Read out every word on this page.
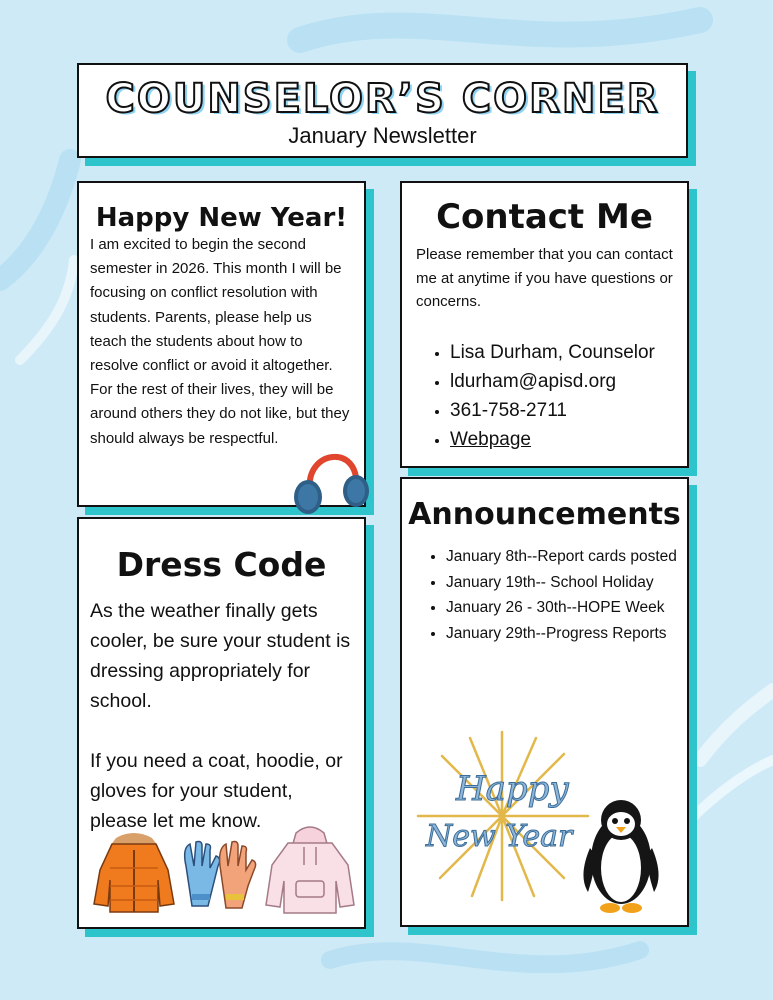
COUNSELOR’S CORNER
January Newsletter
Happy New Year!

I am excited to begin the second semester in 2026. This month I will be focusing on conflict resolution with students. Parents, please help us teach the students about how to resolve conflict or avoid it altogether. For the rest of their lives, they will be around others they do not like, but they should always be respectful.

Contact Me

Please remember that you can contact me at anytime if you have questions or concerns.

• Lisa Durham, Counselor
• ldurham@apisd.org
• 361-758-2711
• Webpage
Dress Code

As the weather finally gets cooler, be sure your student is dressing appropriately for school.

If you need a coat, hoodie, or gloves for your student, please let me know.

Announcements
• January 8th--Report cards posted
• January 19th-- School Holiday
• January 26 - 30th--HOPE Week
• January 29th--Progress Reports
Happy
New Year
